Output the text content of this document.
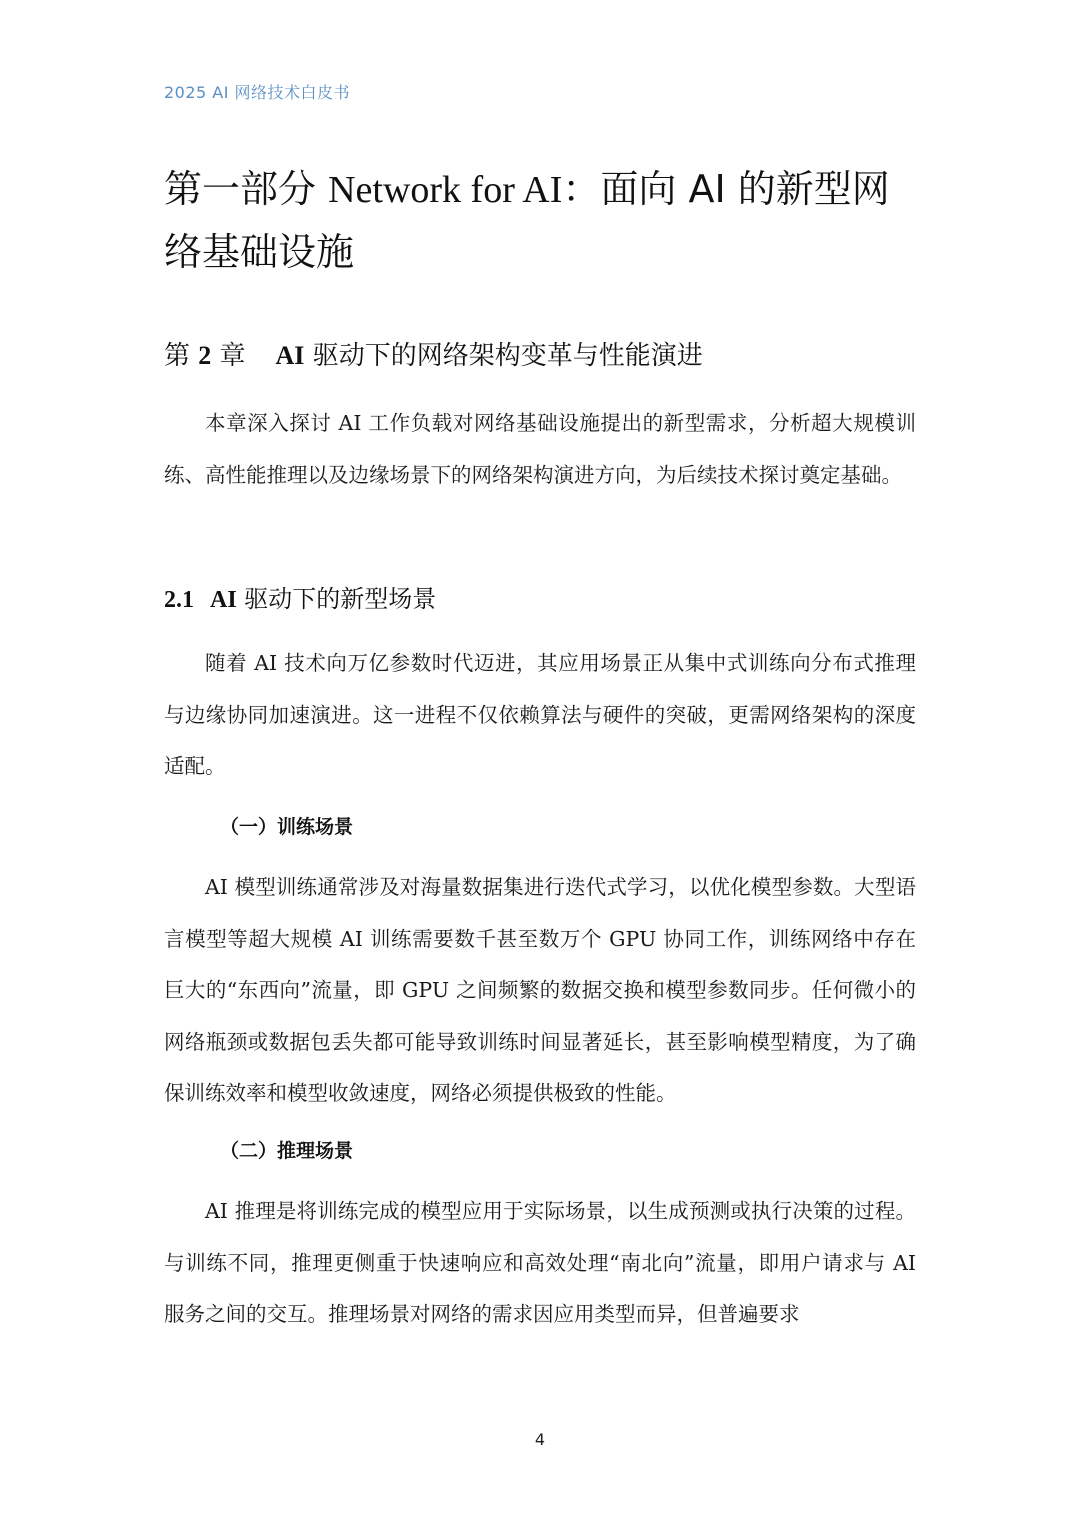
2025 AI 网络技术白皮书
第一部分 Network for AI：面向 AI 的新型网络基础设施
第 2 章 AI 驱动下的网络架构变革与性能演进

本章深入探讨 AI 工作负载对网络基础设施提出的新型需求，分析超大规模训练、高性能推理以及边缘场景下的网络架构演进方向，为后续技术探讨奠定基础。

2.1 AI 驱动下的新型场景

随着 AI 技术向万亿参数时代迈进，其应用场景正从集中式训练向分布式推理与边缘协同加速演进。这一进程不仅依赖算法与硬件的突破，更需网络架构的深度适配。

（一）训练场景

AI 模型训练通常涉及对海量数据集进行迭代式学习，以优化模型参数。大型语言模型等超大规模 AI 训练需要数千甚至数万个 GPU 协同工作，训练网络中存在巨大的“东西向”流量，即 GPU 之间频繁的数据交换和模型参数同步。任何微小的网络瓶颈或数据包丢失都可能导致训练时间显著延长，甚至影响模型精度，为了确保训练效率和模型收敛速度，网络必须提供极致的性能。

（二）推理场景

AI 推理是将训练完成的模型应用于实际场景，以生成预测或执行决策的过程。与训练不同，推理更侧重于快速响应和高效处理“南北向”流量，即用户请求与 AI 服务之间的交互。推理场景对网络的需求因应用类型而异，但普遍要求

4
